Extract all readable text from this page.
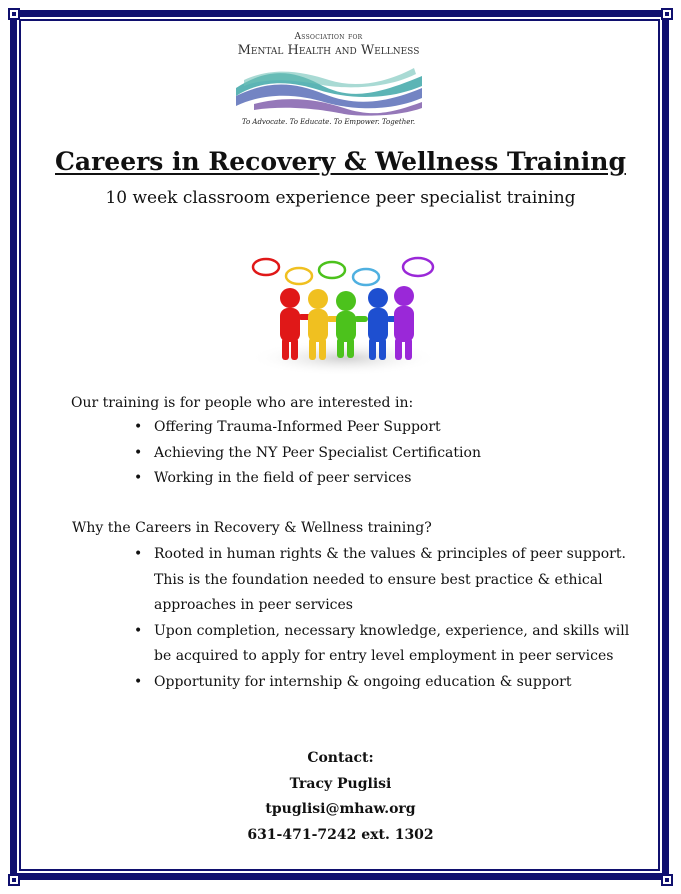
Association for
Mental Health and Wellness
To Advocate. To Educate. To Empower. Together.
Careers in Recovery & Wellness Training
10 week classroom experience peer specialist training
Our training is for people who are interested in:
• Offering Trauma-Informed Peer Support
• Achieving the NY Peer Specialist Certification
• Working in the field of peer services
Why the Careers in Recovery & Wellness training?
• Rooted in human rights & the values & principles of peer support. This is the foundation needed to ensure best practice & ethical approaches in peer services
• Upon completion, necessary knowledge, experience, and skills will be acquired to apply for entry level employment in peer services
• Opportunity for internship & ongoing education & support
Contact:
Tracy Puglisi
tpuglisi@mhaw.org
631-471-7242 ext. 1302
